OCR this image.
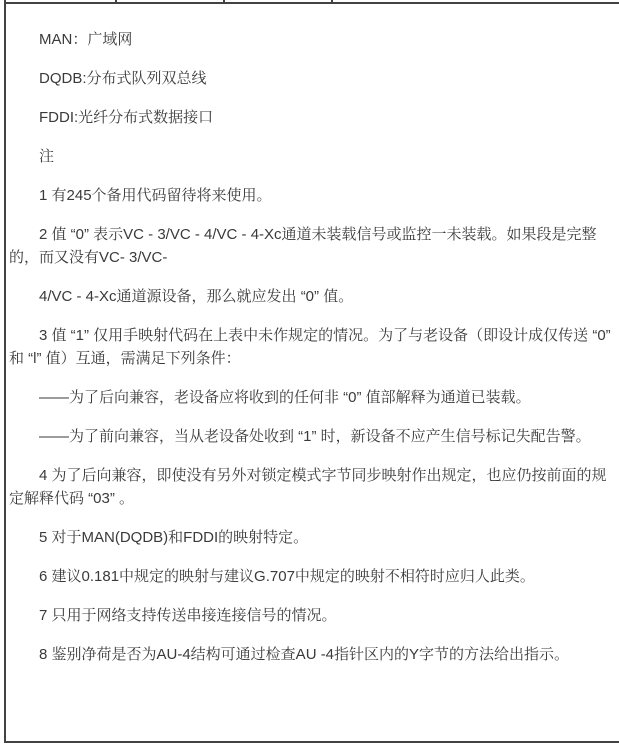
MAN：广域网

DQDB:分布式队列双总线

FDDI:光纤分布式数据接口

注

1 有245个备用代码留待将来使用。

2 值 “0” 表示VC - 3/VC - 4/VC - 4-Xc通道未装载信号或监控一未装载。如果段是完整的，而又没有VC- 3/VC-

4/VC - 4-Xc通道源设备，那么就应发出 “0” 值。

3 值 “1” 仅用手映射代码在上表中未作规定的情况。为了与老设备（即设计成仅传送 “0” 和 “l” 值）互通，需满足下列条件：

——为了后向兼容，老设备应将收到的任何非 “0” 值部解释为通道已装载。

——为了前向兼容，当从老设备处收到 “1” 时，新设备不应产生信号标记失配告警。

4 为了后向兼容，即使没有另外对锁定模式字节同步映射作出规定，也应仍按前面的规定解释代码 “03” 。

5 对于MAN(DQDB)和FDDI的映射特定。

6 建议0.181中规定的映射与建议G.707中规定的映射不相符时应归人此类。

7 只用于网络支持传送串接连接信号的情况。

8 鉴别净荷是否为AU-4结构可通过检查AU -4指针区内的Y字节的方法给出指示。
